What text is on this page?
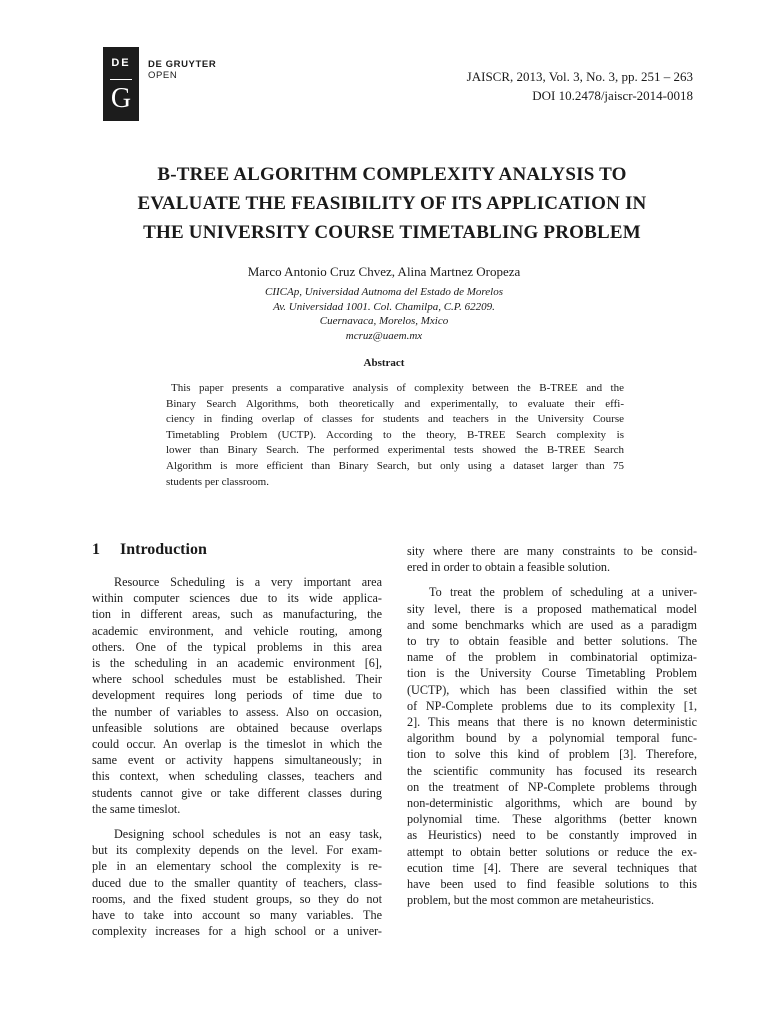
DE
G
DE GRUYTER
OPEN	JAISCR, 2013, Vol. 3, No. 3, pp. 251 – 263
DOI 10.2478/jaiscr-2014-0018
B-TREE ALGORITHM COMPLEXITY ANALYSIS TO
EVALUATE THE FEASIBILITY OF ITS APPLICATION IN
THE UNIVERSITY COURSE TIMETABLING PROBLEM
Marco Antonio Cruz Chvez, Alina Martnez Oropeza
CIICAp, Universidad Autnoma del Estado de Morelos
Av. Universidad 1001. Col. Chamilpa, C.P. 62209.
Cuernavaca, Morelos, Mxico
mcruz@uaem.mx
Abstract
This paper presents a comparative analysis of complexity between the B-TREE and the
Binary Search Algorithms, both theoretically and experimentally, to evaluate their effi-
ciency in finding overlap of classes for students and teachers in the University Course
Timetabling Problem (UCTP). According to the theory, B-TREE Search complexity is
lower than Binary Search. The performed experimental tests showed the B-TREE Search
Algorithm is more efficient than Binary Search, but only using a dataset larger than 75
students per classroom.
1 Introduction
Resource Scheduling is a very important area
within computer sciences due to its wide applica-
tion in different areas, such as manufacturing, the
academic environment, and vehicle routing, among
others. One of the typical problems in this area
is the scheduling in an academic environment [6],
where school schedules must be established. Their
development requires long periods of time due to
the number of variables to assess. Also on occasion,
unfeasible solutions are obtained because overlaps
could occur. An overlap is the timeslot in which the
same event or activity happens simultaneously; in
this context, when scheduling classes, teachers and
students cannot give or take different classes during
the same timeslot.
Designing school schedules is not an easy task,
but its complexity depends on the level. For exam-
ple in an elementary school the complexity is re-
duced due to the smaller quantity of teachers, class-
rooms, and the fixed student groups, so they do not
have to take into account so many variables. The
complexity increases for a high school or a univer-
sity where there are many constraints to be consid-
ered in order to obtain a feasible solution.
To treat the problem of scheduling at a univer-
sity level, there is a proposed mathematical model
and some benchmarks which are used as a paradigm
to try to obtain feasible and better solutions. The
name of the problem in combinatorial optimiza-
tion is the University Course Timetabling Problem
(UCTP), which has been classified within the set
of NP-Complete problems due to its complexity [1,
2]. This means that there is no known deterministic
algorithm bound by a polynomial temporal func-
tion to solve this kind of problem [3]. Therefore,
the scientific community has focused its research
on the treatment of NP-Complete problems through
non-deterministic algorithms, which are bound by
polynomial time. These algorithms (better known
as Heuristics) need to be constantly improved in
attempt to obtain better solutions or reduce the ex-
ecution time [4]. There are several techniques that
have been used to find feasible solutions to this
problem, but the most common are metaheuristics.
